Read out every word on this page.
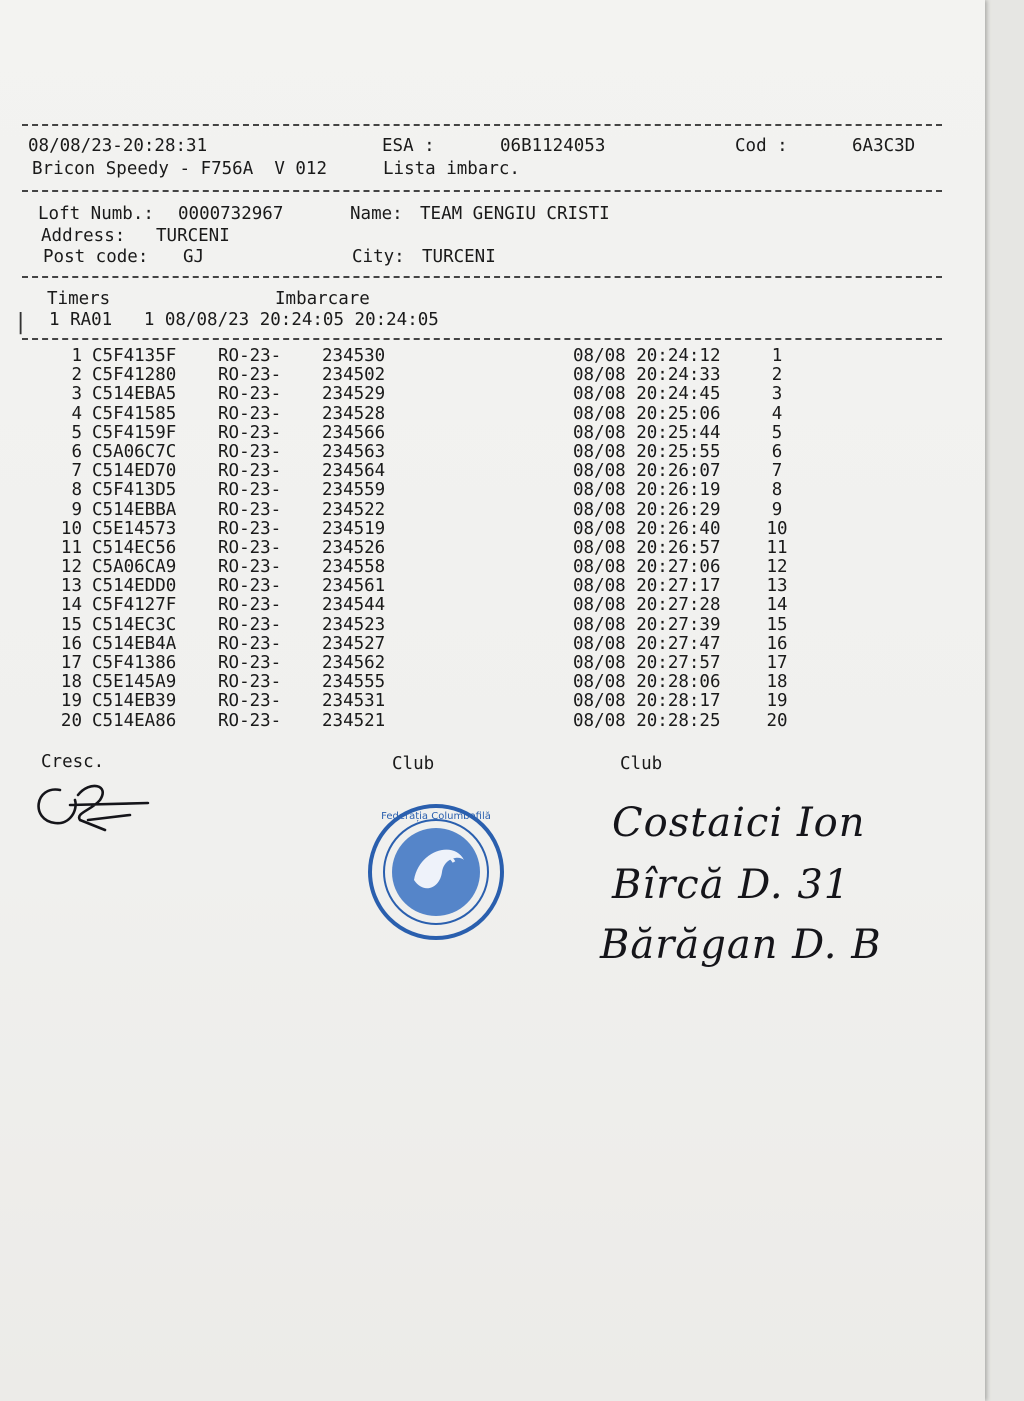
08/08/23-20:28:31	ESA :	06B1124053	Cod :	6A3C3D
Bricon Speedy - F756A  V 012	Lista imbarc.
Loft Numb.: 0000732967	Name: TEAM GENGIU CRISTI
Address: TURCENI
Post code: GJ	City: TURCENI
Timers	Imbarcare
1 RA01   1 08/08/23 20:24:05 20:24:05
1 C5F4135F RO-23- 234530	08/08 20:24:12	1
2 C5F41280 RO-23- 234502	08/08 20:24:33	2
3 C514EBA5 RO-23- 234529	08/08 20:24:45	3
4 C5F41585 RO-23- 234528	08/08 20:25:06	4
5 C5F4159F RO-23- 234566	08/08 20:25:44	5
6 C5A06C7C RO-23- 234563	08/08 20:25:55	6
7 C514ED70 RO-23- 234564	08/08 20:26:07	7
8 C5F413D5 RO-23- 234559	08/08 20:26:19	8
9 C514EBBA RO-23- 234522	08/08 20:26:29	9
10 C5E14573 RO-23- 234519	08/08 20:26:40	10
11 C514EC56 RO-23- 234526	08/08 20:26:57	11
12 C5A06CA9 RO-23- 234558	08/08 20:27:06	12
13 C514EDD0 RO-23- 234561	08/08 20:27:17	13
14 C5F4127F RO-23- 234544	08/08 20:27:28	14
15 C514EC3C RO-23- 234523	08/08 20:27:39	15
16 C514EB4A RO-23- 234527	08/08 20:27:47	16
17 C5F41386 RO-23- 234562	08/08 20:27:57	17
18 C5E145A9 RO-23- 234555	08/08 20:28:06	18
19 C514EB39 RO-23- 234531	08/08 20:28:17	19
20 C514EA86 RO-23- 234521	08/08 20:28:25	20
Cresc.	Club	Club
Federația Columbofilă	Costaici Ion
Bîrcă D. 31
Bărăgan D. B
|
